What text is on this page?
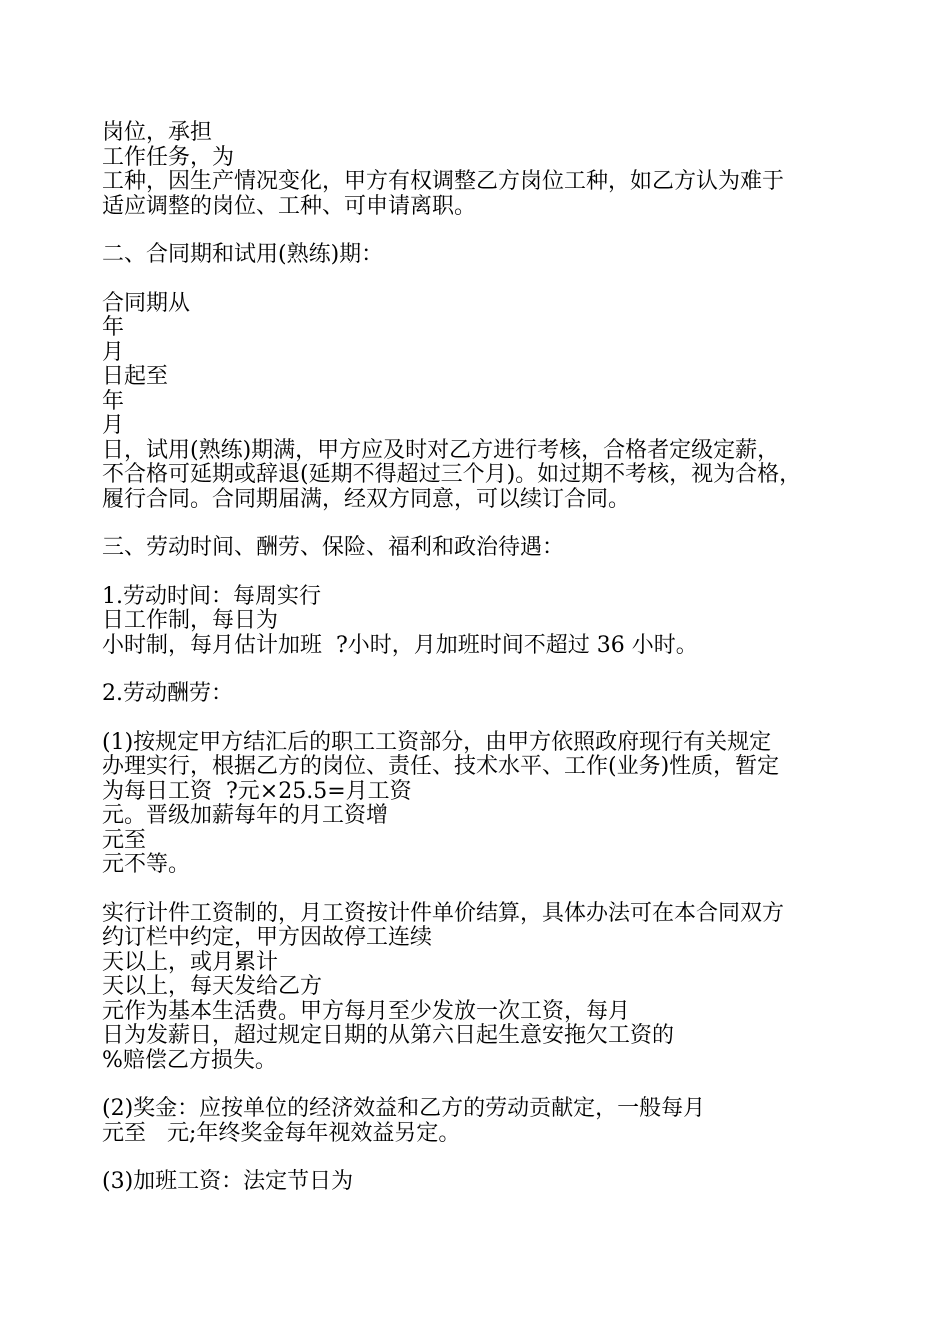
岗位，承担
工作任务，为
工种，因生产情况变化，甲方有权调整乙方岗位工种，如乙方认为难于
适应调整的岗位、工种、可申请离职。
二、合同期和试用(熟练)期：
合同期从
年
月
日起至
年
月
日，试用(熟练)期满，甲方应及时对乙方进行考核，合格者定级定薪，
不合格可延期或辞退(延期不得超过三个月)。如过期不考核，视为合格，
履行合同。合同期届满，经双方同意，可以续订合同。
三、劳动时间、酬劳、保险、福利和政治待遇：
1.劳动时间：每周实行
日工作制，每日为
小时制，每月估计加班  ?小时，月加班时间不超过 36 小时。
2.劳动酬劳：
(1)按规定甲方结汇后的职工工资部分，由甲方依照政府现行有关规定
办理实行，根据乙方的岗位、责任、技术水平、工作(业务)性质，暂定
为每日工资  ?元×25.5=月工资
元。晋级加薪每年的月工资增
元至
元不等。
实行计件工资制的，月工资按计件单价结算，具体办法可在本合同双方
约订栏中约定，甲方因故停工连续
天以上，或月累计
天以上，每天发给乙方
元作为基本生活费。甲方每月至少发放一次工资，每月
日为发薪日，超过规定日期的从第六日起生意安拖欠工资的
%赔偿乙方损失。
(2)奖金：应按单位的经济效益和乙方的劳动贡献定，一般每月
元至   元;年终奖金每年视效益另定。
(3)加班工资：法定节日为
